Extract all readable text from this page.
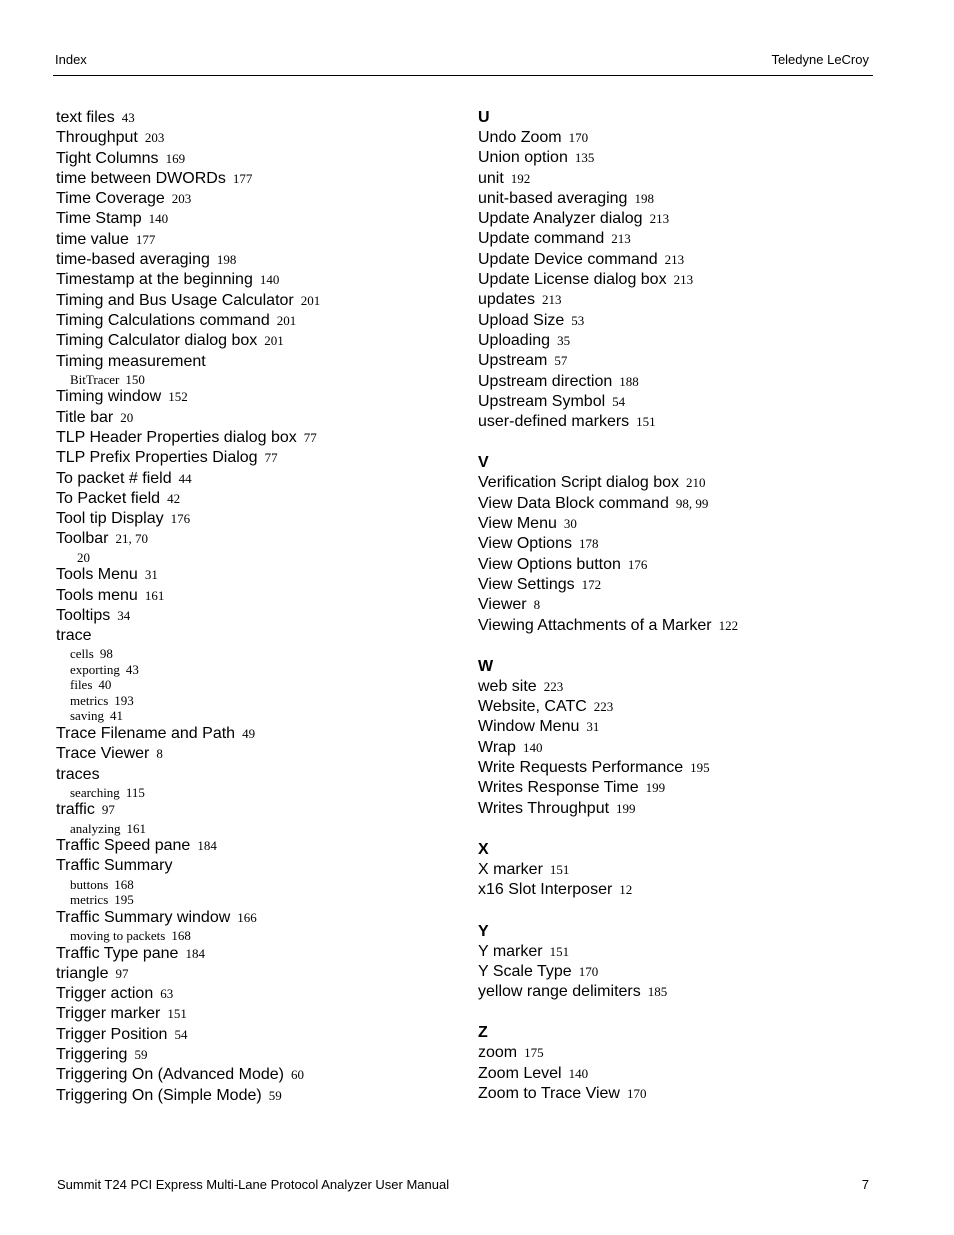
Index	Teledyne LeCroy
text files 43
Throughput 203
Tight Columns 169
time between DWORDs 177
Time Coverage 203
Time Stamp 140
time value 177
time-based averaging 198
Timestamp at the beginning 140
Timing and Bus Usage Calculator 201
Timing Calculations command 201
Timing Calculator dialog box 201
Timing measurement
BitTracer 150
Timing window 152
Title bar 20
TLP Header Properties dialog box 77
TLP Prefix Properties Dialog 77
To packet # field 44
To Packet field 42
Tool tip Display 176
Toolbar 21, 70
20
Tools Menu 31
Tools menu 161
Tooltips 34
trace
cells 98
exporting 43
files 40
metrics 193
saving 41
Trace Filename and Path 49
Trace Viewer 8
traces
searching 115
traffic 97
analyzing 161
Traffic Speed pane 184
Traffic Summary
buttons 168
metrics 195
Traffic Summary window 166
moving to packets 168
Traffic Type pane 184
triangle 97
Trigger action 63
Trigger marker 151
Trigger Position 54
Triggering 59
Triggering On (Advanced Mode) 60
Triggering On (Simple Mode) 59
U
Undo Zoom 170
Union option 135
unit 192
unit-based averaging 198
Update Analyzer dialog 213
Update command 213
Update Device command 213
Update License dialog box 213
updates 213
Upload Size 53
Uploading 35
Upstream 57
Upstream direction 188
Upstream Symbol 54
user-defined markers 151
V
Verification Script dialog box 210
View Data Block command 98, 99
View Menu 30
View Options 178
View Options button 176
View Settings 172
Viewer 8
Viewing Attachments of a Marker 122
W
web site 223
Website, CATC 223
Window Menu 31
Wrap 140
Write Requests Performance 195
Writes Response Time 199
Writes Throughput 199
X
X marker 151
x16 Slot Interposer 12
Y
Y marker 151
Y Scale Type 170
yellow range delimiters 185
Z
zoom 175
Zoom Level 140
Zoom to Trace View 170
Summit T24 PCI Express Multi-Lane Protocol Analyzer User Manual	7
